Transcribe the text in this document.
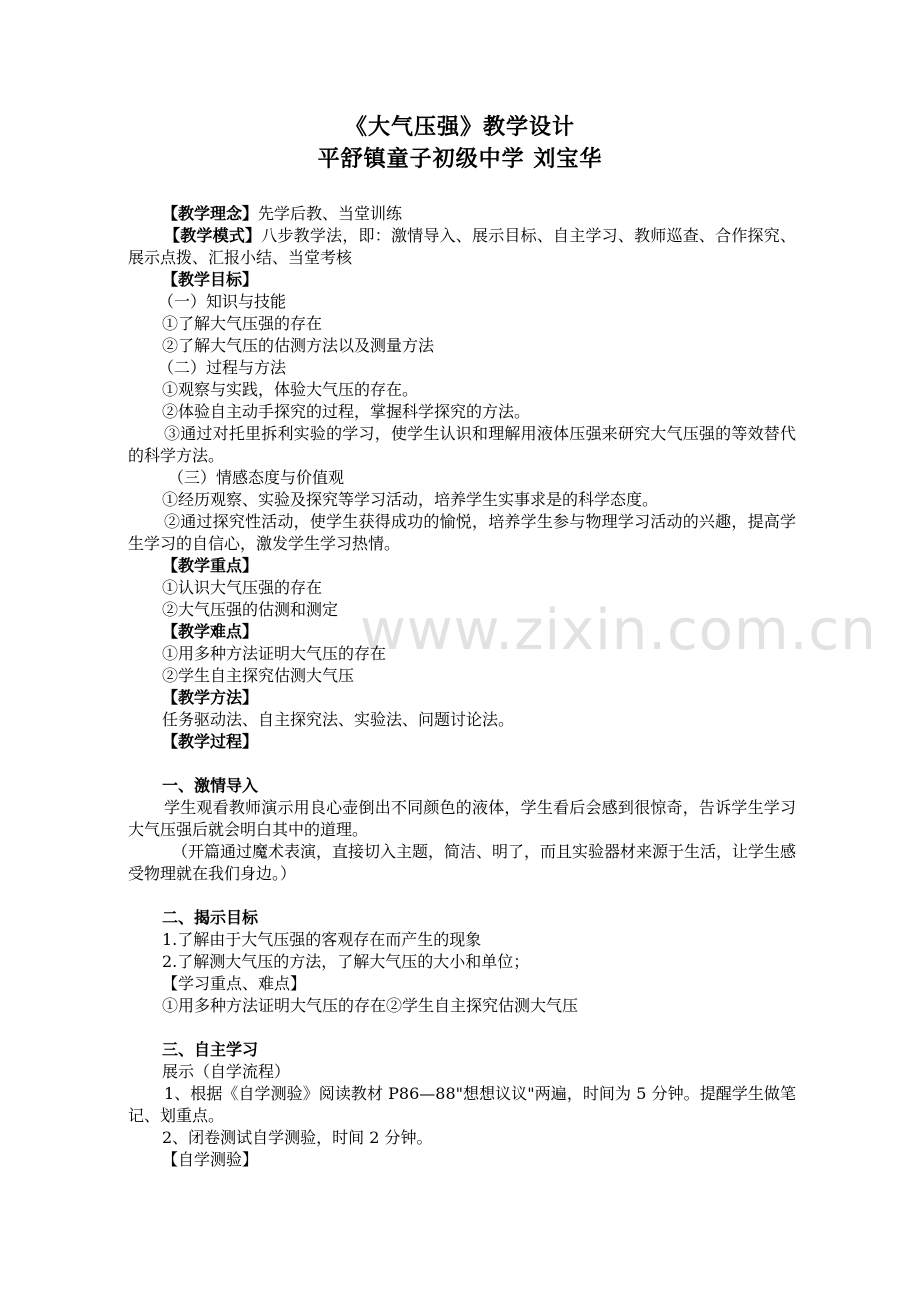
《大气压强》教学设计
平舒镇童子初级中学 刘宝华
www.zixin.com.cn
【教学理念】先学后教、当堂训练
【教学模式】八步教学法，即：激情导入、展示目标、自主学习、教师巡查、合作探究、展示点拨、汇报小结、当堂考核
【教学目标】
（一）知识与技能
①了解大气压强的存在
②了解大气压的估测方法以及测量方法
（二）过程与方法
①观察与实践，体验大气压的存在。
②体验自主动手探究的过程，掌握科学探究的方法。
③通过对托里拆利实验的学习，使学生认识和理解用液体压强来研究大气压强的等效替代的科学方法。
（三）情感态度与价值观
①经历观察、实验及探究等学习活动，培养学生实事求是的科学态度。
②通过探究性活动，使学生获得成功的愉悦，培养学生参与物理学习活动的兴趣，提高学生学习的自信心，激发学生学习热情。
【教学重点】
①认识大气压强的存在
②大气压强的估测和测定
【教学难点】
①用多种方法证明大气压的存在
②学生自主探究估测大气压
【教学方法】
任务驱动法、自主探究法、实验法、问题讨论法。
【教学过程】
一、激情导入
学生观看教师演示用良心壶倒出不同颜色的液体，学生看后会感到很惊奇，告诉学生学习大气压强后就会明白其中的道理。
（开篇通过魔术表演，直接切入主题，简洁、明了，而且实验器材来源于生活，让学生感受物理就在我们身边。）
二、揭示目标
1.了解由于大气压强的客观存在而产生的现象
2.了解测大气压的方法，了解大气压的大小和单位；
【学习重点、难点】
①用多种方法证明大气压的存在②学生自主探究估测大气压
三、自主学习
展示（自学流程）
1、根据《自学测验》阅读教材 P86—88"想想议议"两遍，时间为 5 分钟。提醒学生做笔记、划重点。
2、闭卷测试自学测验，时间 2 分钟。
【自学测验】
